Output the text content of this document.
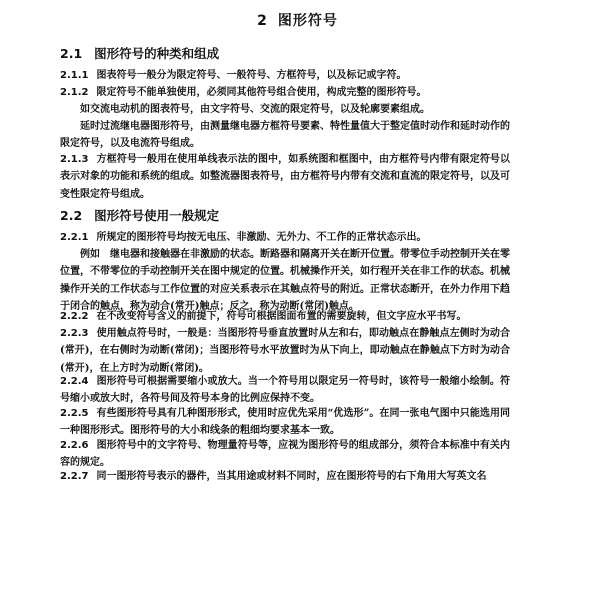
2 图形符号
2.1 图形符号的种类和组成
2.1.1 图表符号一般分为限定符号、一般符号、方框符号，以及标记或字符。
2.1.2 限定符号不能单独使用，必须同其他符号组合使用，构成完整的图形符号。
如交流电动机的图表符号，由文字符号、交流的限定符号，以及轮廓要素组成。
延时过流继电器图形符号，由测量继电器方框符号要素、特性量值大于整定值时动作和延时动作的限定符号，以及电流符号组成。
2.1.3 方框符号一般用在使用单线表示法的图中，如系统图和框图中，由方框符号内带有限定符号以表示对象的功能和系统的组成。如整流器图表符号，由方框符号内带有交流和直流的限定符号，以及可变性限定符号组成。
2.2 图形符号使用一般规定
2.2.1 所规定的图形符号均按无电压、非激励、无外力、不工作的正常状态示出。
例如　继电器和接触器在非激励的状态。断路器和隔离开关在断开位置。带零位手动控制开关在零位置，不带零位的手动控制开关在图中规定的位置。机械操作开关，如行程开关在非工作的状态。机械操作开关的工作状态与工作位置的对应关系表示在其触点符号的附近。正常状态断开，在外力作用下趋于闭合的触点，称为动合(常开)触点；反之，称为动断(常闭)触点。
2.2.2 在不改变符号含义的前提下，符号可根据图面布置的需要旋转，但文字应水平书写。
2.2.3 使用触点符号时，一般是：当图形符号垂直放置时从左和右，即动触点在静触点左侧时为动合(常开)，在右侧时为动断(常闭)；当图形符号水平放置时为从下向上，即动触点在静触点下方时为动合(常开)，在上方时为动断(常闭)。
2.2.4 图形符号可根据需要缩小或放大。当一个符号用以限定另一符号时，该符号一般缩小绘制。符号缩小或放大时，各符号间及符号本身的比例应保持不变。
2.2.5 有些图形符号具有几种图形形式，使用时应优先采用“优选形”。在同一张电气图中只能选用同一种图形形式。图形符号的大小和线条的粗细均要求基本一致。
2.2.6 图形符号中的文字符号、物理量符号等，应视为图形符号的组成部分，须符合本标准中有关内容的规定。
2.2.7 同一图形符号表示的器件，当其用途或材料不同时，应在图形符号的右下角用大写英文名
